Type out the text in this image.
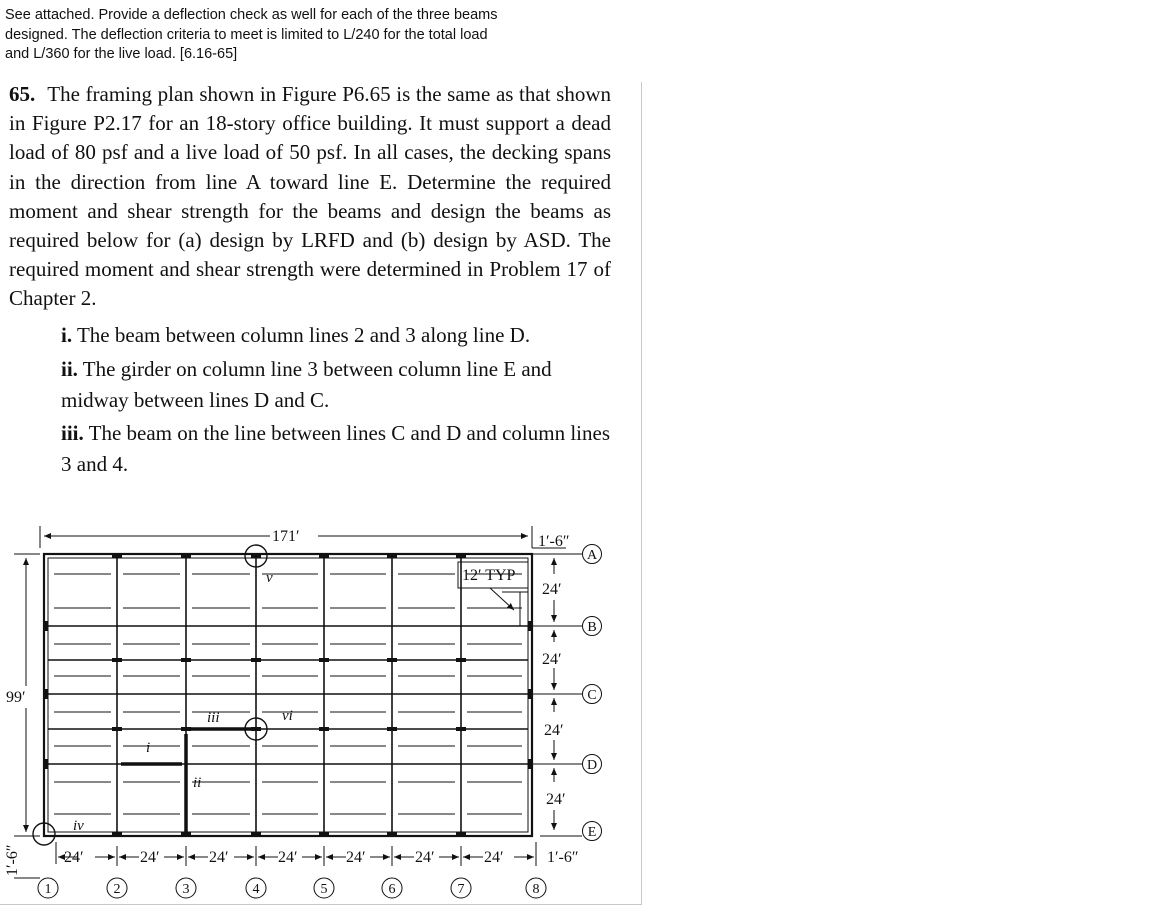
See attached. Provide a deflection check as well for each of the three beams
designed. The deflection criteria to meet is limited to L/240 for the total load
and L/360 for the live load. [6.16-65]
65. The framing plan shown in Figure P6.65 is the same as that shown in Figure P2.17 for an 18-story office building. It must support a dead load of 80 psf and a live load of 50 psf. In all cases, the decking spans in the direction from line A toward line E. Determine the required moment and shear strength for the beams and design the beams as required below for (a) design by LRFD and (b) design by ASD. The required moment and shear strength were determined in Problem 17 of Chapter 2.
i. The beam between column lines 2 and 3 along line D.
ii. The girder on column line 3 between column line E and midway between lines D and C.
iii. The beam on the line between lines C and D and column lines 3 and 4.
171′	1′-6″
99′
1′-6″
24′
24′
24′
24′
12′ TYP
24′	24′	24′	24′	24′	24′	24′	1′-6″
A
B
C
D
E
1	2	3	4	5	6	7	8
i
ii
iii
iv
v
vi
